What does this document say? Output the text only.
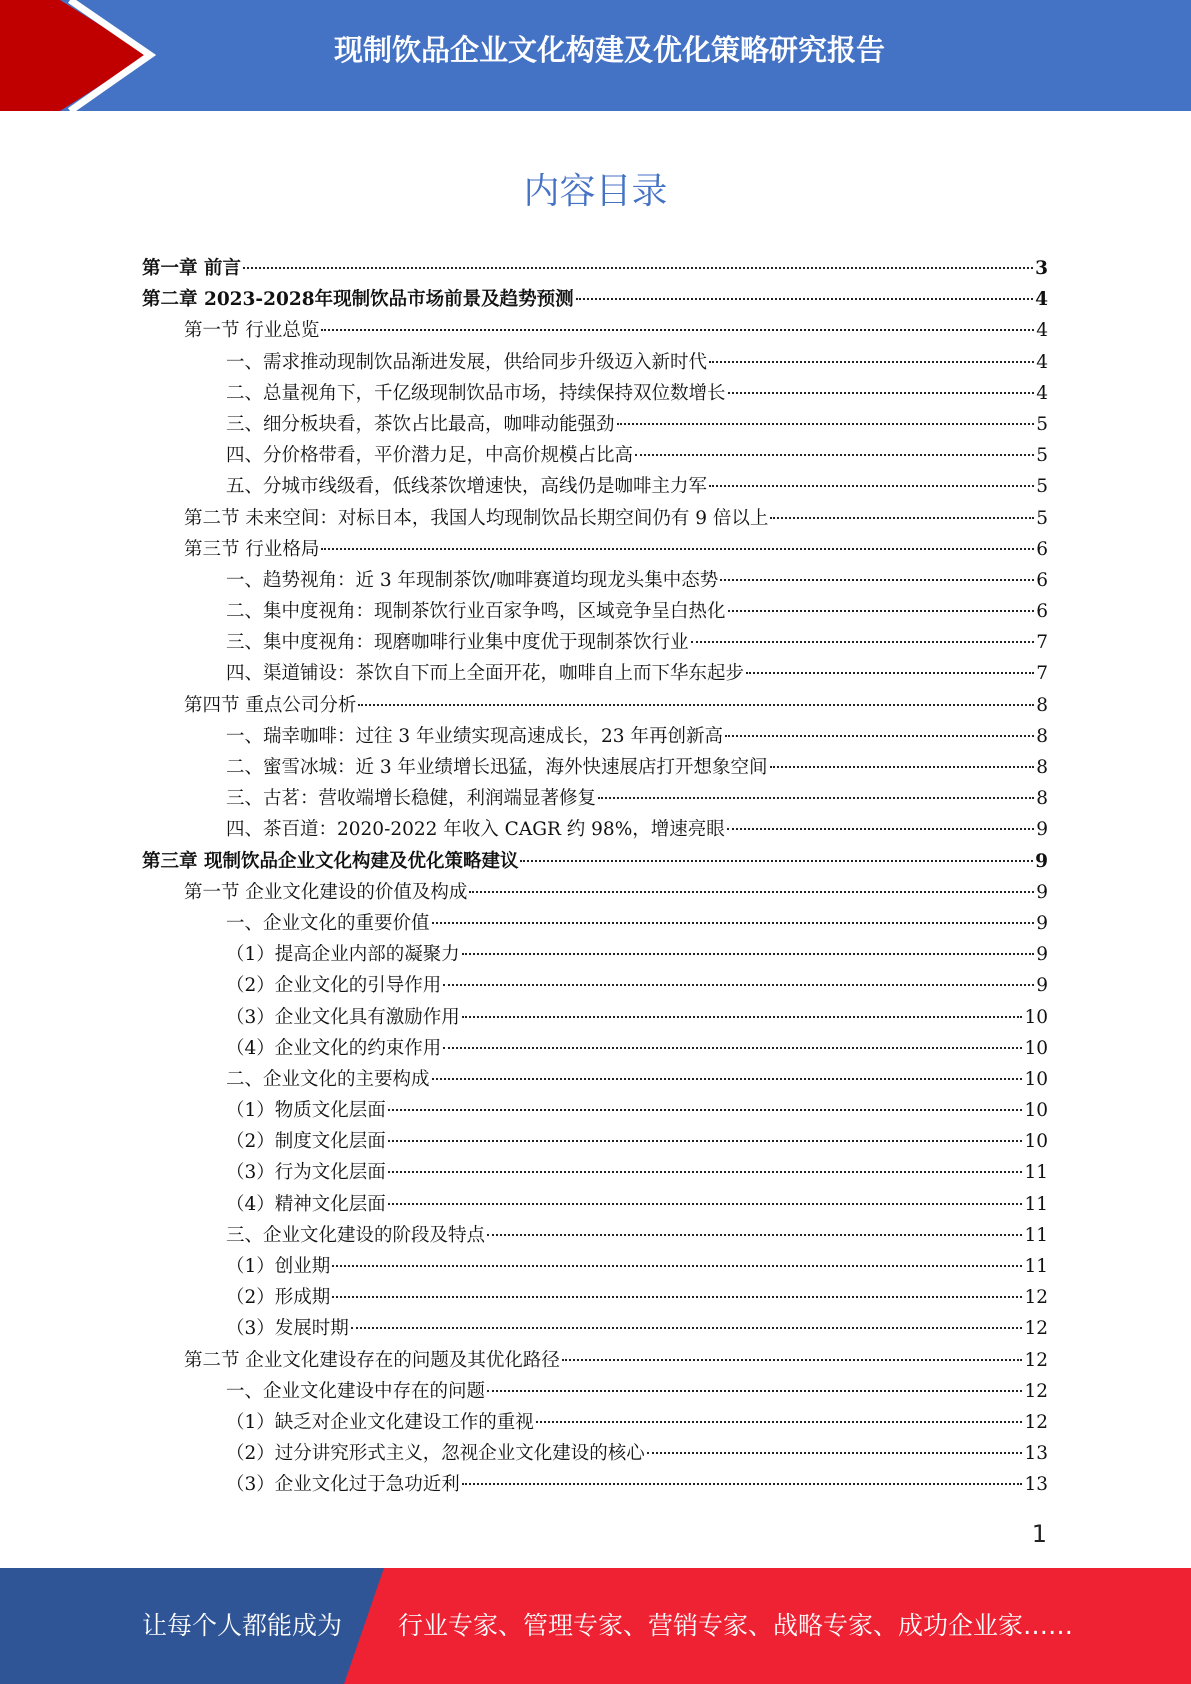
现制饮品企业文化构建及优化策略研究报告
内容目录
第一章 前言	3
第二章 2023-2028年现制饮品市场前景及趋势预测	4
第一节 行业总览	4
一、需求推动现制饮品渐进发展，供给同步升级迈入新时代	4
二、总量视角下，千亿级现制饮品市场，持续保持双位数增长	4
三、细分板块看，茶饮占比最高，咖啡动能强劲	5
四、分价格带看，平价潜力足，中高价规模占比高	5
五、分城市线级看，低线茶饮增速快，高线仍是咖啡主力军	5
第二节 未来空间：对标日本，我国人均现制饮品长期空间仍有 9 倍以上	5
第三节 行业格局	6
一、趋势视角：近 3 年现制茶饮/咖啡赛道均现龙头集中态势	6
二、集中度视角：现制茶饮行业百家争鸣，区域竞争呈白热化	6
三、集中度视角：现磨咖啡行业集中度优于现制茶饮行业	7
四、渠道铺设：茶饮自下而上全面开花，咖啡自上而下华东起步	7
第四节 重点公司分析	8
一、瑞幸咖啡：过往 3 年业绩实现高速成长，23 年再创新高	8
二、蜜雪冰城：近 3 年业绩增长迅猛，海外快速展店打开想象空间	8
三、古茗：营收端增长稳健，利润端显著修复	8
四、茶百道：2020-2022 年收入 CAGR 约 98%，增速亮眼	9
第三章 现制饮品企业文化构建及优化策略建议	9
第一节 企业文化建设的价值及构成	9
一、企业文化的重要价值	9
（1）提高企业内部的凝聚力	9
（2）企业文化的引导作用	9
（3）企业文化具有激励作用	10
（4）企业文化的约束作用	10
二、企业文化的主要构成	10
（1）物质文化层面	10
（2）制度文化层面	10
（3）行为文化层面	11
（4）精神文化层面	11
三、企业文化建设的阶段及特点	11
（1）创业期	11
（2）形成期	12
（3）发展时期	12
第二节 企业文化建设存在的问题及其优化路径	12
一、企业文化建设中存在的问题	12
（1）缺乏对企业文化建设工作的重视	12
（2）过分讲究形式主义，忽视企业文化建设的核心	13
（3）企业文化过于急功近利	13
1
让每个人都能成为 行业专家、管理专家、营销专家、战略专家、成功企业家……
